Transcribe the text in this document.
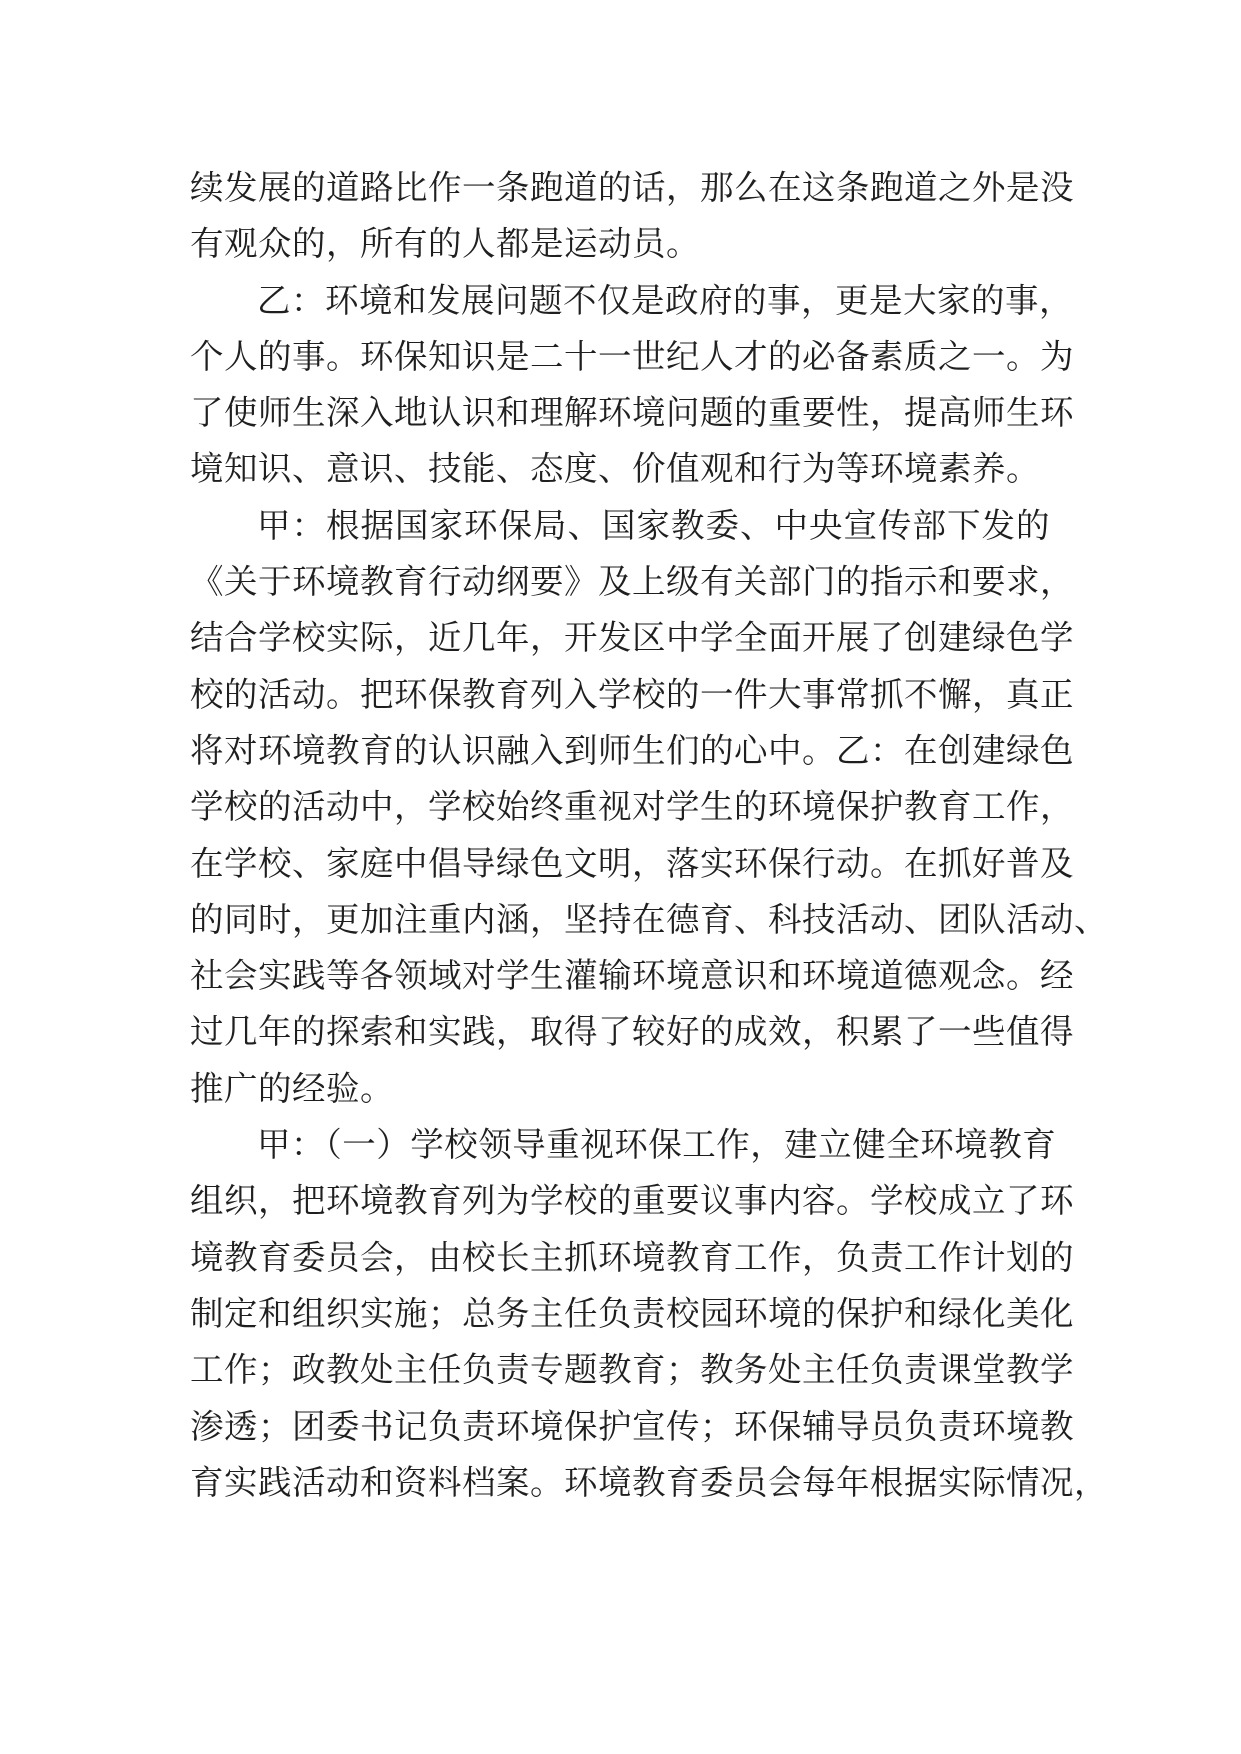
续发展的道路比作一条跑道的话，那么在这条跑道之外是没
有观众的，所有的人都是运动员。
乙：环境和发展问题不仅是政府的事，更是大家的事，
个人的事。环保知识是二十一世纪人才的必备素质之一。为
了使师生深入地认识和理解环境问题的重要性，提高师生环
境知识、意识、技能、态度、价值观和行为等环境素养。
甲：根据国家环保局、国家教委、中央宣传部下发的
《关于环境教育行动纲要》及上级有关部门的指示和要求，
结合学校实际，近几年，开发区中学全面开展了创建绿色学
校的活动。把环保教育列入学校的一件大事常抓不懈，真正
将对环境教育的认识融入到师生们的心中。乙：在创建绿色
学校的活动中，学校始终重视对学生的环境保护教育工作，
在学校、家庭中倡导绿色文明，落实环保行动。在抓好普及
的同时，更加注重内涵，坚持在德育、科技活动、团队活动、
社会实践等各领域对学生灌输环境意识和环境道德观念。经
过几年的探索和实践，取得了较好的成效，积累了一些值得
推广的经验。
甲：（一）学校领导重视环保工作，建立健全环境教育
组织，把环境教育列为学校的重要议事内容。学校成立了环
境教育委员会，由校长主抓环境教育工作，负责工作计划的
制定和组织实施；总务主任负责校园环境的保护和绿化美化
工作；政教处主任负责专题教育；教务处主任负责课堂教学
渗透；团委书记负责环境保护宣传；环保辅导员负责环境教
育实践活动和资料档案。环境教育委员会每年根据实际情况，
